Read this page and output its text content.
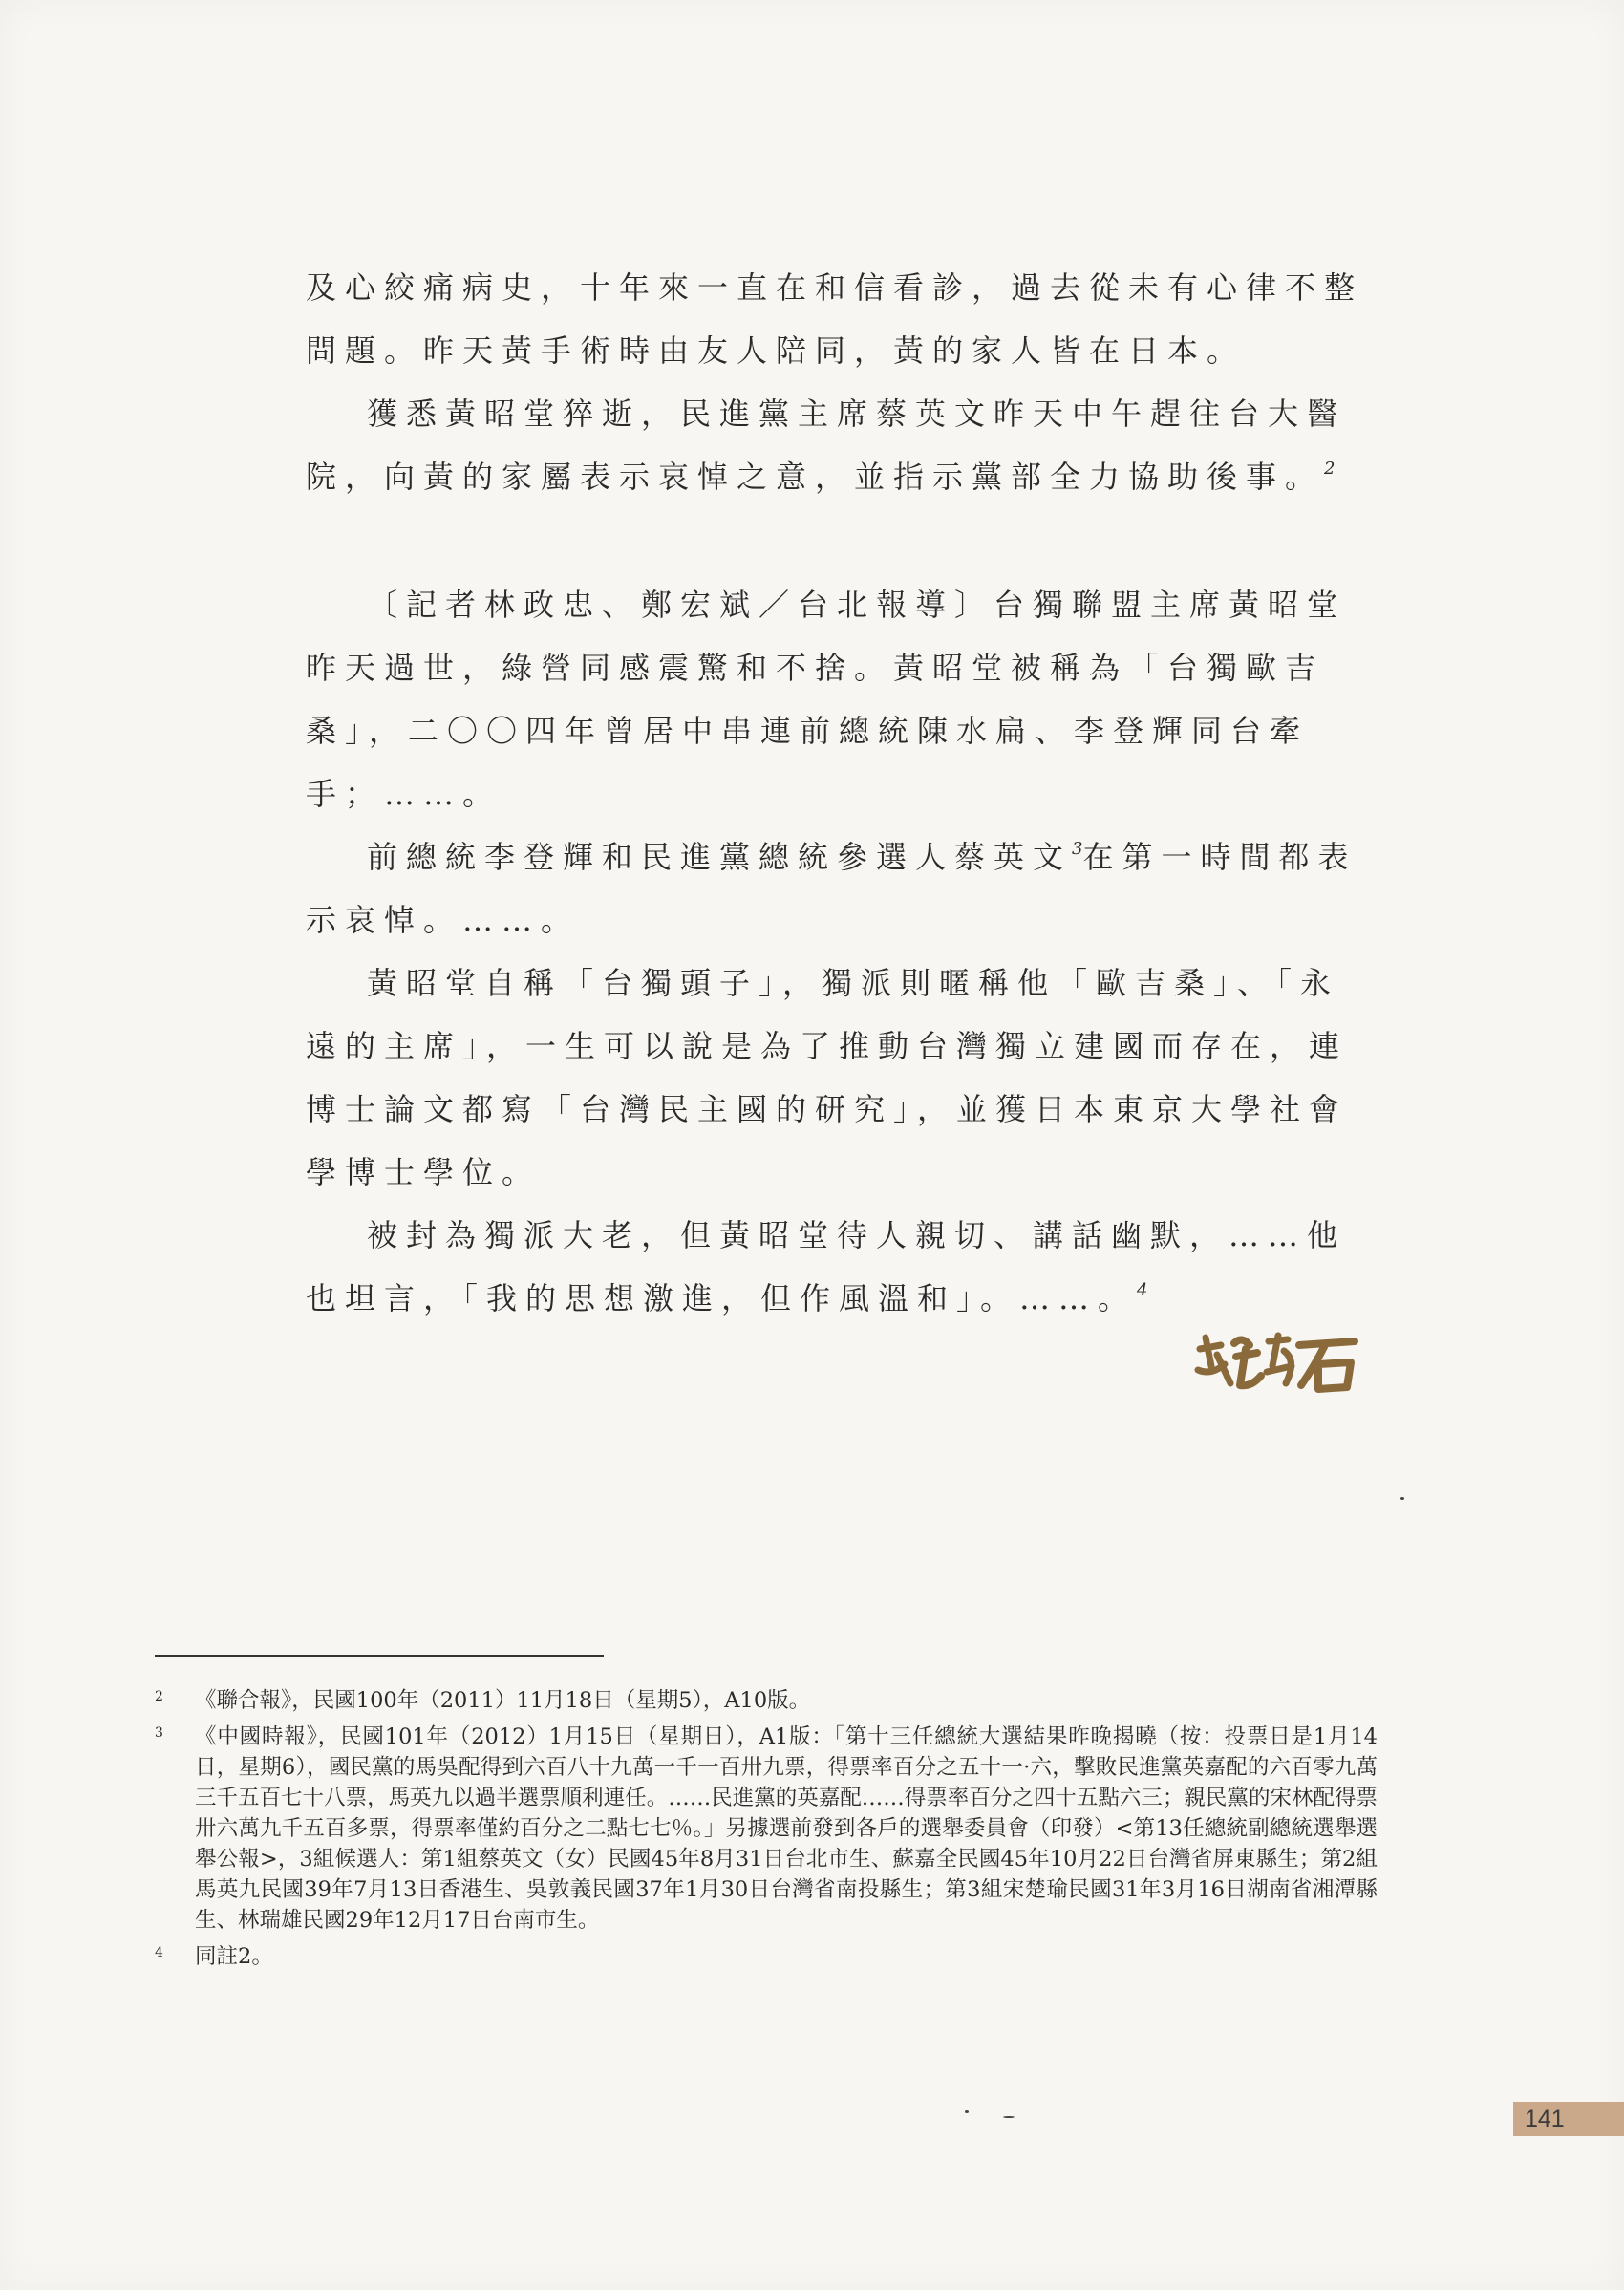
及心絞痛病史，十年來一直在和信看診，過去從未有心律不整問題。昨天黃手術時由友人陪同，黃的家人皆在日本。

獲悉黃昭堂猝逝，民進黨主席蔡英文昨天中午趕往台大醫院，向黃的家屬表示哀悼之意，並指示黨部全力協助後事。$^2$

〔記者林政忠、鄭宏斌／台北報導〕台獨聯盟主席黃昭堂昨天過世，綠營同感震驚和不捨。黃昭堂被稱為「台獨歐吉桑」，二〇〇四年曾居中串連前總統陳水扁、李登輝同台牽手；……。

前總統李登輝和民進黨總統參選人蔡英文$^3$在第一時間都表示哀悼。……。

黃昭堂自稱「台獨頭子」，獨派則暱稱他「歐吉桑」、「永遠的主席」，一生可以說是為了推動台灣獨立建國而存在，連博士論文都寫「台灣民主國的研究」，並獲日本東京大學社會學博士學位。

被封為獨派大老，但黃昭堂待人親切、講話幽默，……他也坦言，「我的思想激進，但作風溫和」。……。$^4$

2 《聯合報》，民國100年（2011）11月18日（星期5），A10版。
3 《中國時報》，民國101年（2012）1月15日（星期日），A1版：「第十三任總統大選結果昨晚揭曉（按：投票日是1月14日，星期6），國民黨的馬吳配得到六百八十九萬一千一百卅九票，得票率百分之五十一·六，擊敗民進黨英嘉配的六百零九萬三千五百七十八票，馬英九以過半選票順利連任。……民進黨的英嘉配……得票率百分之四十五點六三；親民黨的宋林配得票卅六萬九千五百多票，得票率僅約百分之二點七七％。」另據選前發到各戶的選舉委員會（印發）<第13任總統副總統選舉選舉公報>，3組候選人：第1組蔡英文（女）民國45年8月31日台北市生、蘇嘉全民國45年10月22日台灣省屏東縣生；第2組馬英九民國39年7月13日香港生、吳敦義民國37年1月30日台灣省南投縣生；第3組宋楚瑜民國31年3月16日湖南省湘潭縣生、林瑞雄民國29年12月17日台南市生。
4 同註2。
141
